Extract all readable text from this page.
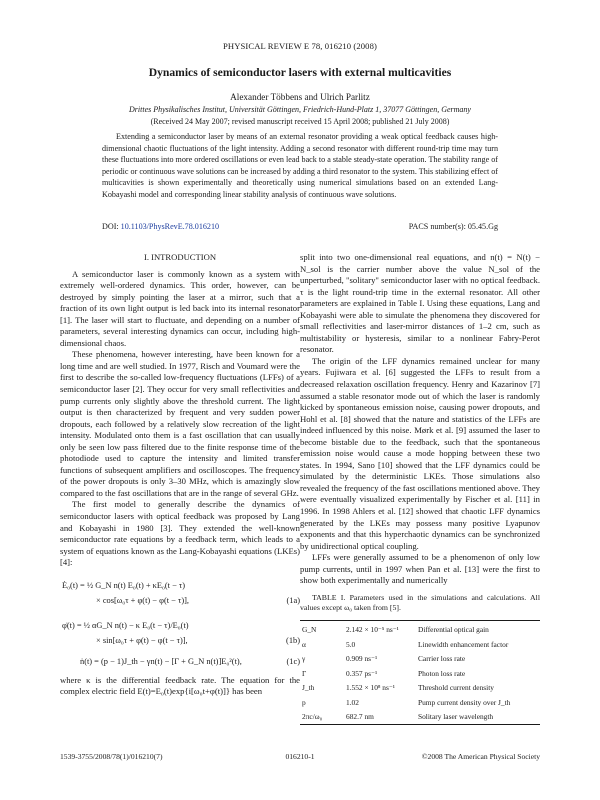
PHYSICAL REVIEW E 78, 016210 (2008)
Dynamics of semiconductor lasers with external multicavities
Alexander Többens and Ulrich Parlitz
Drittes Physikalisches Institut, Universität Göttingen, Friedrich-Hund-Platz 1, 37077 Göttingen, Germany
(Received 24 May 2007; revised manuscript received 15 April 2008; published 21 July 2008)

Extending a semiconductor laser by means of an external resonator providing a weak optical feedback causes high-dimensional chaotic fluctuations of the light intensity. Adding a second resonator with different round-trip time may turn these fluctuations into more ordered oscillations or even lead back to a stable steady-state operation. The stability range of periodic or continuous wave solutions can be increased by adding a third resonator to the system. This stabilizing effect of multicavities is shown experimentally and theoretically using numerical simulations based on an extended Lang-Kobayashi model and corresponding linear stability analysis of continuous wave solutions.

DOI: 10.1103/PhysRevE.78.016210	PACS number(s): 05.45.Gg
I. INTRODUCTION

A semiconductor laser is commonly known as a system with extremely well-ordered dynamics. This order, however, can be destroyed by simply pointing the laser at a mirror, such that a fraction of its own light output is led back into its internal resonator [1]. The laser will start to fluctuate, and depending on a number of parameters, several interesting dynamics can occur, including high-dimensional chaos.

These phenomena, however interesting, have been known for a long time and are well studied. In 1977, Risch and Voumard were the first to describe the so-called low-frequency fluctuations (LFFs) of a semiconductor laser [2]. They occur for very small reflectivities and pump currents only slightly above the threshold current. The light output is then characterized by frequent and very sudden power dropouts, each followed by a relatively slow recreation of the light intensity. Modulated onto them is a fast oscillation that can usually only be seen low pass filtered due to the finite response time of the photodiode used to capture the intensity and limited transfer functions of subsequent amplifiers and oscilloscopes. The frequency of the power dropouts is only 3–30 MHz, which is amazingly slow compared to the fast oscillations that are in the range of several GHz.

The first model to generally describe the dynamics of semiconductor lasers with optical feedback was proposed by Lang and Kobayashi in 1980 [3]. They extended the well-known semiconductor rate equations by a feedback term, which leads to a system of equations known as the Lang-Kobayashi equations (LKEs) [4]:

Ė₀(t) = ½ G_N n(t) E₀(t) + κE₀(t − τ)
× cos[ω₀τ + φ(t) − φ(t − τ)],	(1a)
φ̇(t) = ½ αG_N n(t) − κ E₀(t − τ)/E₀(t)
× sin[ω₀τ + φ(t) − φ(t − τ)],	(1b)
ṅ(t) = (p − 1)J_th − γn(t) − [Γ + G_N n(t)]E₀²(t),	(1c)

where κ is the differential feedback rate. The equation for the complex electric field E(t)=E₀(t)exp{i[ω₀t+φ(t)]} has been

split into two one-dimensional real equations, and n(t) = N(t) − N_sol is the carrier number above the value N_sol of the unperturbed, "solitary" semiconductor laser with no optical feedback. τ is the light round-trip time in the external resonator. All other parameters are explained in Table I. Using these equations, Lang and Kobayashi were able to simulate the phenomena they discovered for small reflectivities and laser-mirror distances of 1–2 cm, such as multistability or hysteresis, similar to a nonlinear Fabry-Perot resonator.

The origin of the LFF dynamics remained unclear for many years. Fujiwara et al. [6] suggested the LFFs to result from a decreased relaxation oscillation frequency. Henry and Kazarinov [7] assumed a stable resonator mode out of which the laser is randomly kicked by spontaneous emission noise, causing power dropouts, and Hohl et al. [8] showed that the nature and statistics of the LFFs are indeed influenced by this noise. Mørk et al. [9] assumed the laser to become bistable due to the feedback, such that the spontaneous emission noise would cause a mode hopping between these two states. In 1994, Sano [10] showed that the LFF dynamics could be simulated by the deterministic LKEs. Those simulations also revealed the frequency of the fast oscillations mentioned above. They were eventually visualized experimentally by Fischer et al. [11] in 1996. In 1998 Ahlers et al. [12] showed that chaotic LFF dynamics generated by the LKEs may possess many positive Lyapunov exponents and that this hyperchaotic dynamics can be synchronized by unidirectional optical coupling.

LFFs were generally assumed to be a phenomenon of only low pump currents, until in 1997 when Pan et al. [13] were the first to show both experimentally and numerically

TABLE I. Parameters used in the simulations and calculations. All values except ω₀ taken from [5].

G_N	2.142 × 10⁻⁵ ns⁻¹	Differential optical gain
α	5.0	Linewidth enhancement factor
γ	0.909 ns⁻¹	Carrier loss rate
Γ	0.357 ps⁻¹	Photon loss rate
J_th	1.552 × 10⁸ ns⁻¹	Threshold current density
p	1.02	Pump current density over J_th
2πc/ω₀	682.7 nm	Solitary laser wavelength
1539-3755/2008/78(1)/016210(7)	016210-1	©2008 The American Physical Society
